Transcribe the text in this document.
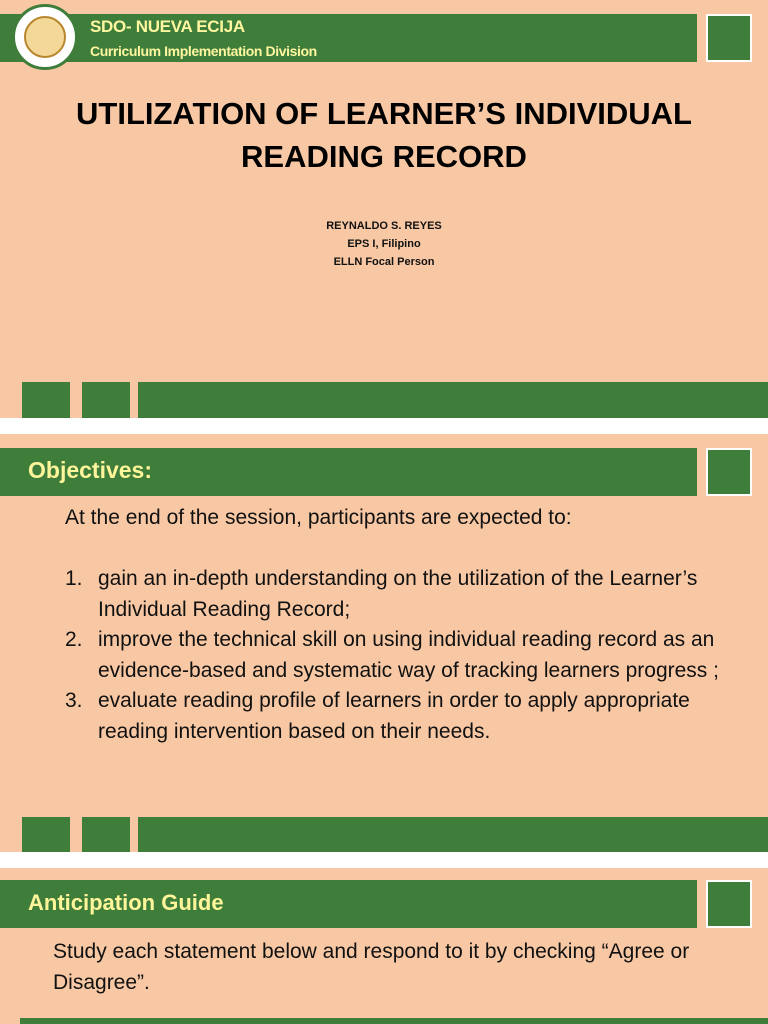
SDO- NUEVA ECIJA
Curriculum Implementation Division
UTILIZATION OF LEARNER’S INDIVIDUAL READING RECORD
REYNALDO S. REYES
EPS I, Filipino
ELLN Focal Person
Objectives:
At the end of the session, participants are expected to:
1. gain an in-depth understanding on the utilization of the Learner’s Individual Reading Record;
2. improve the technical skill on using individual reading record as an evidence-based and systematic way of tracking learners progress ;
3. evaluate reading profile of learners in order to apply appropriate reading intervention based on their needs.
Anticipation Guide
Study each statement below and respond to it by checking “Agree or Disagree”.
